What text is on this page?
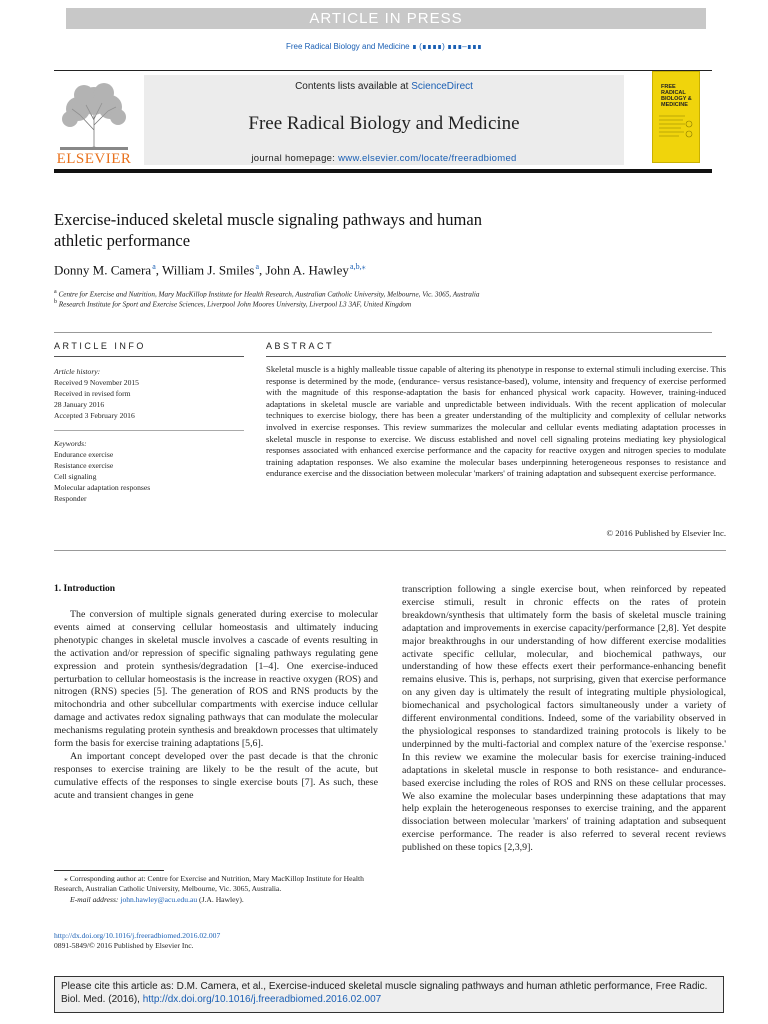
ARTICLE IN PRESS
Free Radical Biology and Medicine ∎ (∎∎∎∎) ∎∎∎–∎∎∎
ELSEVIER
Contents lists available at ScienceDirect
Free Radical Biology and Medicine
journal homepage: www.elsevier.com/locate/freeradbiomed
FREE
RADICAL
BIOLOGY &
MEDICINE
Exercise-induced skeletal muscle signaling pathways and human
athletic performance
Donny M. Camera $^a$, William J. Smiles $^a$, John A. Hawley $^{a,b,⁎}$
$^a$ Centre for Exercise and Nutrition, Mary MacKillop Institute for Health Research, Australian Catholic University, Melbourne, Vic. 3065, Australia
$^b$ Research Institute for Sport and Exercise Sciences, Liverpool John Moores University, Liverpool L3 3AF, United Kingdom
ARTICLE INFO	ABSTRACT
Article history:
Received 9 November 2015
Received in revised form
28 January 2016
Accepted 3 February 2016
Keywords:
Endurance exercise
Resistance exercise
Cell signaling
Molecular adaptation responses
Responder
Skeletal muscle is a highly malleable tissue capable of altering its phenotype in response to external stimuli including exercise. This response is determined by the mode, (endurance- versus resistance-based), volume, intensity and frequency of exercise performed with the magnitude of this response-adaptation the basis for enhanced physical work capacity. However, training-induced adaptations in skeletal muscle are variable and unpredictable between individuals. With the recent application of molecular techniques to exercise biology, there has been a greater understanding of the multiplicity and complexity of cellular networks involved in exercise responses. This review summarizes the molecular and cellular events mediating adaptation processes in skeletal muscle in response to exercise. We discuss established and novel cell signaling proteins mediating key physiological responses associated with enhanced exercise performance and the capacity for reactive oxygen and nitrogen species to modulate training adaptation responses. We also examine the molecular bases underpinning heterogeneous responses to resistance and endurance exercise and the dissociation between molecular 'markers' of training adaptation and subsequent exercise performance.
© 2016 Published by Elsevier Inc.
1. Introduction

The conversion of multiple signals generated during exercise to molecular events aimed at conserving cellular homeostasis and ultimately inducing phenotypic changes in skeletal muscle involves a cascade of events resulting in the activation and/or repression of specific signaling pathways regulating gene expression and protein synthesis/degradation [1–4]. One exercise-induced perturbation to cellular homeostasis is the increase in reactive oxygen (ROS) and nitrogen (RNS) species [5]. The generation of ROS and RNS products by the mitochondria and other subcellular compartments with exercise induce cellular damage and activates redox signaling pathways that can modulate the molecular mechanisms regulating protein synthesis and breakdown processes that ultimately form the basis for exercise training adaptations [5,6].

An important concept developed over the past decade is that the chronic responses to exercise training are likely to be the result of the acute, but cumulative effects of the responses to single exercise bouts [7]. As such, these acute and transient changes in gene

transcription following a single exercise bout, when reinforced by repeated exercise stimuli, result in chronic effects on the rates of protein breakdown/synthesis that ultimately form the basis of skeletal muscle training adaptation and improvements in exercise capacity/performance [2,8]. Yet despite major breakthroughs in our understanding of how different exercise modalities activate specific cellular, molecular, and biochemical pathways, our understanding of how these effects exert their performance-enhancing benefit remains elusive. This is, perhaps, not surprising, given that exercise performance on any given day is ultimately the result of integrating multiple physiological, biomechanical and psychological factors simultaneously under a variety of different environmental conditions. Indeed, some of the variability observed in the physiological responses to standardized training protocols is likely to be underpinned by the multi-factorial and complex nature of the 'exercise response.' In this review we examine the molecular basis for exercise training-induced adaptations in skeletal muscle in response to both resistance- and endurance-based exercise including the roles of ROS and RNS on these cellular processes. We also examine the molecular bases underpinning these adaptations that may help explain the heterogeneous responses to exercise training, and the apparent dissociation between molecular 'markers' of training adaptation and subsequent exercise performance. The reader is also referred to several recent reviews published on these topics [2,3,9].
⁎ Corresponding author at: Centre for Exercise and Nutrition, Mary MacKillop Institute for Health Research, Australian Catholic University, Melbourne, Vic. 3065, Australia.
E-mail address: john.hawley@acu.edu.au (J.A. Hawley).
http://dx.doi.org/10.1016/j.freeradbiomed.2016.02.007
0891-5849/© 2016 Published by Elsevier Inc.
Please cite this article as: D.M. Camera, et al., Exercise-induced skeletal muscle signaling pathways and human athletic performance, Free Radic. Biol. Med. (2016), http://dx.doi.org/10.1016/j.freeradbiomed.2016.02.007
